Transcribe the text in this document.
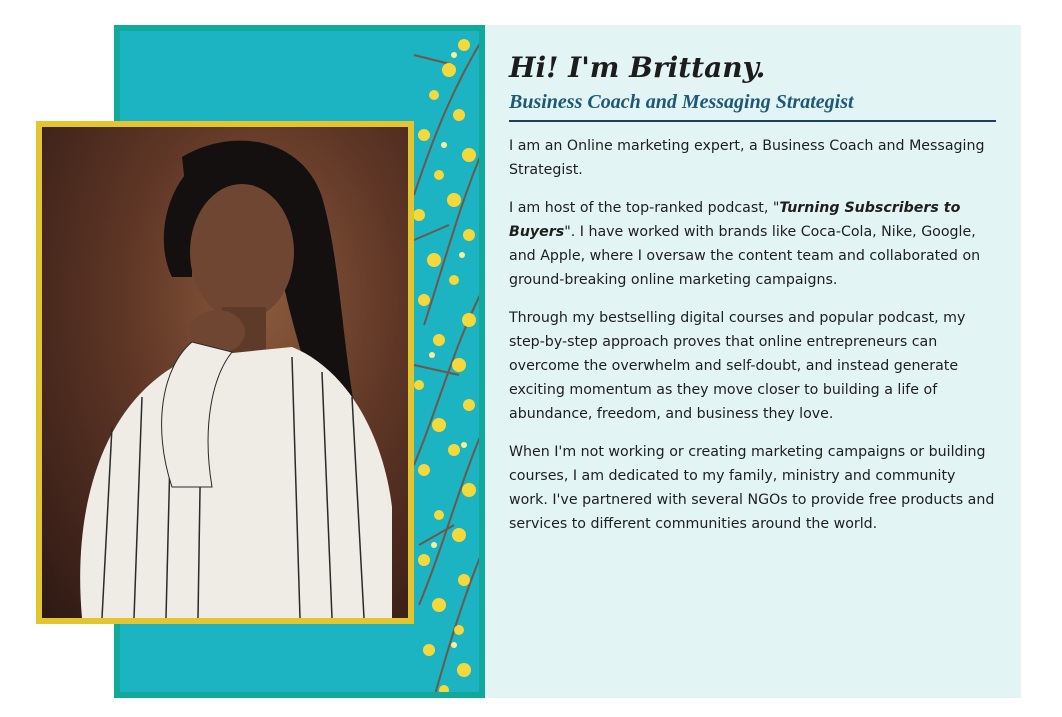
Hi! I'm Brittany.
Business Coach and Messaging Strategist

I am an Online marketing expert, a Business Coach and Messaging Strategist.

I am host of the top-ranked podcast, "Turning Subscribers to Buyers". I have worked with brands like Coca-Cola, Nike, Google, and Apple, where I oversaw the content team and collaborated on ground-breaking online marketing campaigns.

Through my bestselling digital courses and popular podcast, my step-by-step approach proves that online entrepreneurs can overcome the overwhelm and self-doubt, and instead generate exciting momentum as they move closer to building a life of abundance, freedom, and business they love.

When I'm not working or creating marketing campaigns or building courses, I am dedicated to my family, ministry and community work. I've partnered with several NGOs to provide free products and services to different communities around the world.
